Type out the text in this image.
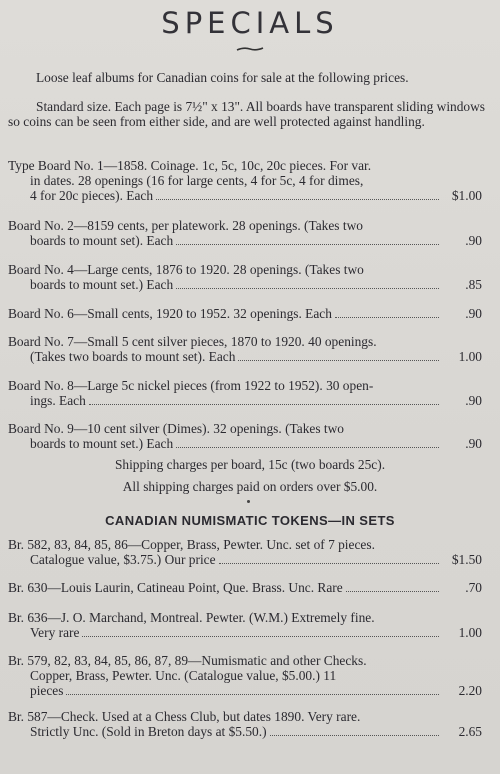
SPECIALS
Loose leaf albums for Canadian coins for sale at the following prices.
Standard size. Each page is 7½" x 13". All boards have transparent sliding windows so coins can be seen from either side, and are well protected against handling.
Type Board No. 1—1858. Coinage. 1c, 5c, 10c, 20c pieces. For var.
in dates. 28 openings (16 for large cents, 4 for 5c, 4 for dimes,
4 for 20c pieces). Each	$1.00
Board No. 2—8159 cents, per platework. 28 openings. (Takes two
boards to mount set). Each	.90
Board No. 4—Large cents, 1876 to 1920. 28 openings. (Takes two
boards to mount set.) Each	.85
Board No. 6—Small cents, 1920 to 1952. 32 openings. Each	.90
Board No. 7—Small 5 cent silver pieces, 1870 to 1920. 40 openings.
(Takes two boards to mount set). Each	1.00
Board No. 8—Large 5c nickel pieces (from 1922 to 1952). 30 open-
ings. Each	.90
Board No. 9—10 cent silver (Dimes). 32 openings. (Takes two
boards to mount set.) Each	.90
Shipping charges per board, 15c (two boards 25c).
All shipping charges paid on orders over $5.00.
CANADIAN NUMISMATIC TOKENS—IN SETS
Br. 582, 83, 84, 85, 86—Copper, Brass, Pewter. Unc. set of 7 pieces.
Catalogue value, $3.75.) Our price	$1.50
Br. 630—Louis Laurin, Catineau Point, Que. Brass. Unc. Rare	.70
Br. 636—J. O. Marchand, Montreal. Pewter. (W.M.) Extremely fine.
Very rare	1.00
Br. 579, 82, 83, 84, 85, 86, 87, 89—Numismatic and other Checks.
Copper, Brass, Pewter. Unc. (Catalogue value, $5.00.) 11
pieces	2.20
Br. 587—Check. Used at a Chess Club, but dates 1890. Very rare.
Strictly Unc. (Sold in Breton days at $5.50.)	2.65
